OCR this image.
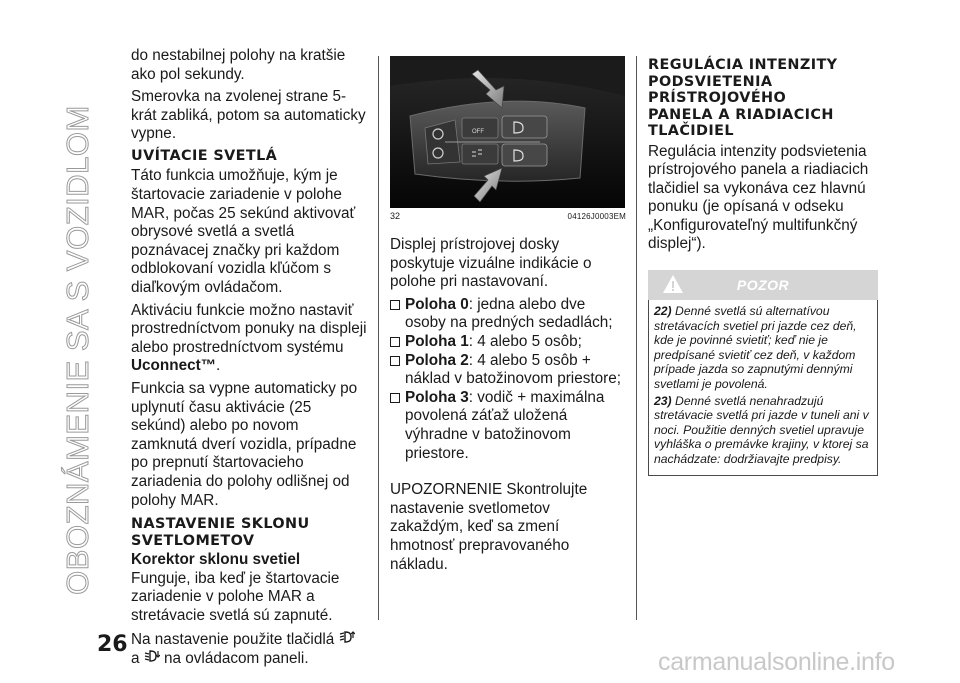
OBOZNÁMENIE SA S VOZIDLOM
26

do nestabilnej polohy na kratšie ako pol sekundy.

Smerovka na zvolenej strane 5-krát zabliká, potom sa automaticky vypne.

UVÍTACIE SVETLÁ

Táto funkcia umožňuje, kým je štartovacie zariadenie v polohe MAR, počas 25 sekúnd aktivovať obrysové svetlá a svetlá poznávacej značky pri každom odblokovaní vozidla kľúčom s diaľkovým ovládačom.

Aktiváciu funkcie možno nastaviť prostredníctvom ponuky na displeji alebo prostredníctvom systému Uconnect™.

Funkcia sa vypne automaticky po uplynutí času aktivácie (25 sekúnd) alebo po novom zamknutá dverí vozidla, prípadne po prepnutí štartovacieho zariadenia do polohy odlišnej od polohy MAR.

NASTAVENIE SKLONU
SVETLOMETOV
Korektor sklonu svetiel

Funguje, iba keď je štartovacie zariadenie v polohe MAR a stretávacie svetlá sú zapnuté.

Na nastavenie použite tlačidlá  a na ovládacom paneli.

OFF
32	04126J0003EM

Displej prístrojovej dosky poskytuje vizuálne indikácie o polohe pri nastavovaní.

Poloha 0: jedna alebo dve osoby na predných sedadlách;
Poloha 1: 4 alebo 5 osôb;
Poloha 2: 4 alebo 5 osôb + náklad v batožinovom priestore;
Poloha 3: vodič + maximálna povolená záťaž uložená výhradne v batožinovom priestore.

UPOZORNENIE Skontrolujte nastavenie svetlometov zakaždým, keď sa zmení hmotnosť prepravovaného nákladu.

REGULÁCIA INTENZITY
PODSVIETENIA
PRÍSTROJOVÉHO
PANELA A RIADIACICH
TLAČIDIEL

Regulácia intenzity podsvietenia prístrojového panela a riadiacich tlačidiel sa vykonáva cez hlavnú ponuku (je opísaná v odseku „Konfigurovateľný multifunkčný displej“).

POZOR

22) Denné svetlá sú alternatívou stretávacích svetiel pri jazde cez deň, kde je povinné svietiť; keď nie je predpísané svietiť cez deň, v každom prípade jazda so zapnutými dennými svetlami je povolená.

23) Denné svetlá nenahradzujú stretávacie svetlá pri jazde v tuneli ani v noci. Použitie denných svetiel upravuje vyhláška o premávke krajiny, v ktorej sa nachádzate: dodržiavajte predpisy.

carmanualsonline.info
